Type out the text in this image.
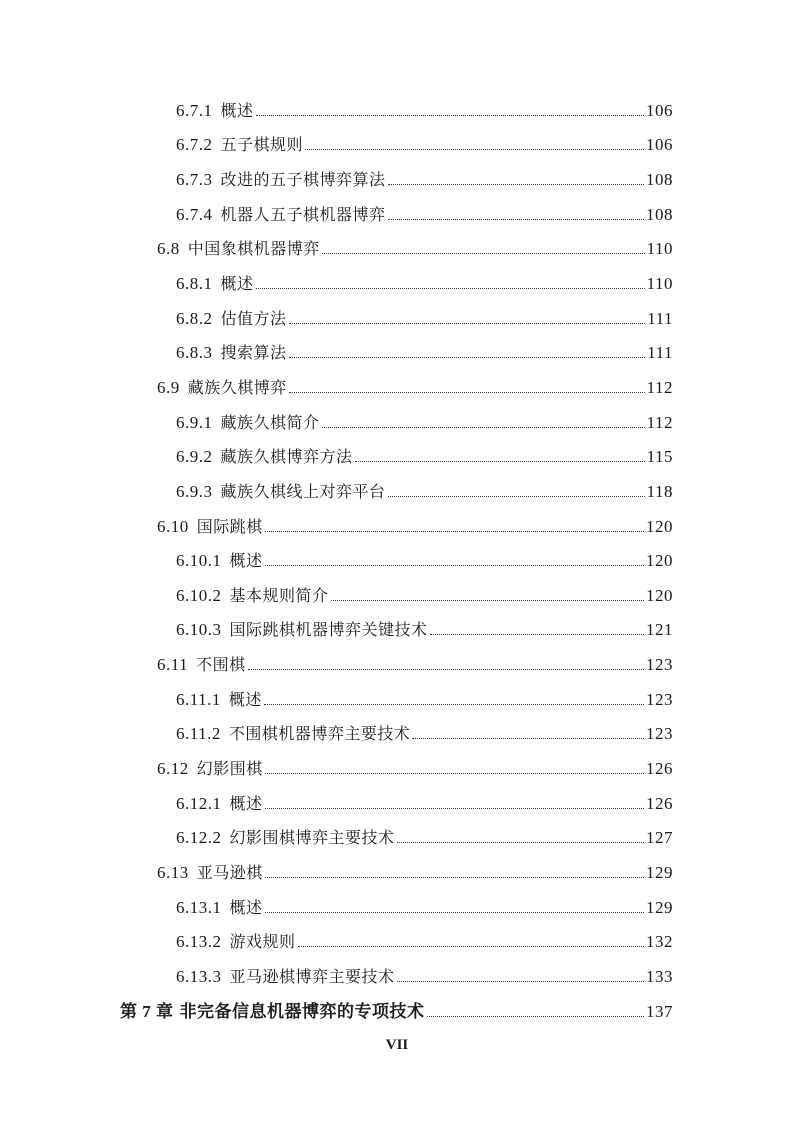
6.7.1 概述	106
6.7.2 五子棋规则	106
6.7.3 改进的五子棋博弈算法	108
6.7.4 机器人五子棋机器博弈	108
6.8 中国象棋机器博弈	110
6.8.1 概述	110
6.8.2 估值方法	111
6.8.3 搜索算法	111
6.9 藏族久棋博弈	112
6.9.1 藏族久棋简介	112
6.9.2 藏族久棋博弈方法	115
6.9.3 藏族久棋线上对弈平台	118
6.10 国际跳棋	120
6.10.1 概述	120
6.10.2 基本规则简介	120
6.10.3 国际跳棋机器博弈关键技术	121
6.11 不围棋	123
6.11.1 概述	123
6.11.2 不围棋机器博弈主要技术	123
6.12 幻影围棋	126
6.12.1 概述	126
6.12.2 幻影围棋博弈主要技术	127
6.13 亚马逊棋	129
6.13.1 概述	129
6.13.2 游戏规则	132
6.13.3 亚马逊棋博弈主要技术	133
第 7 章 非完备信息机器博弈的专项技术	137
VII
